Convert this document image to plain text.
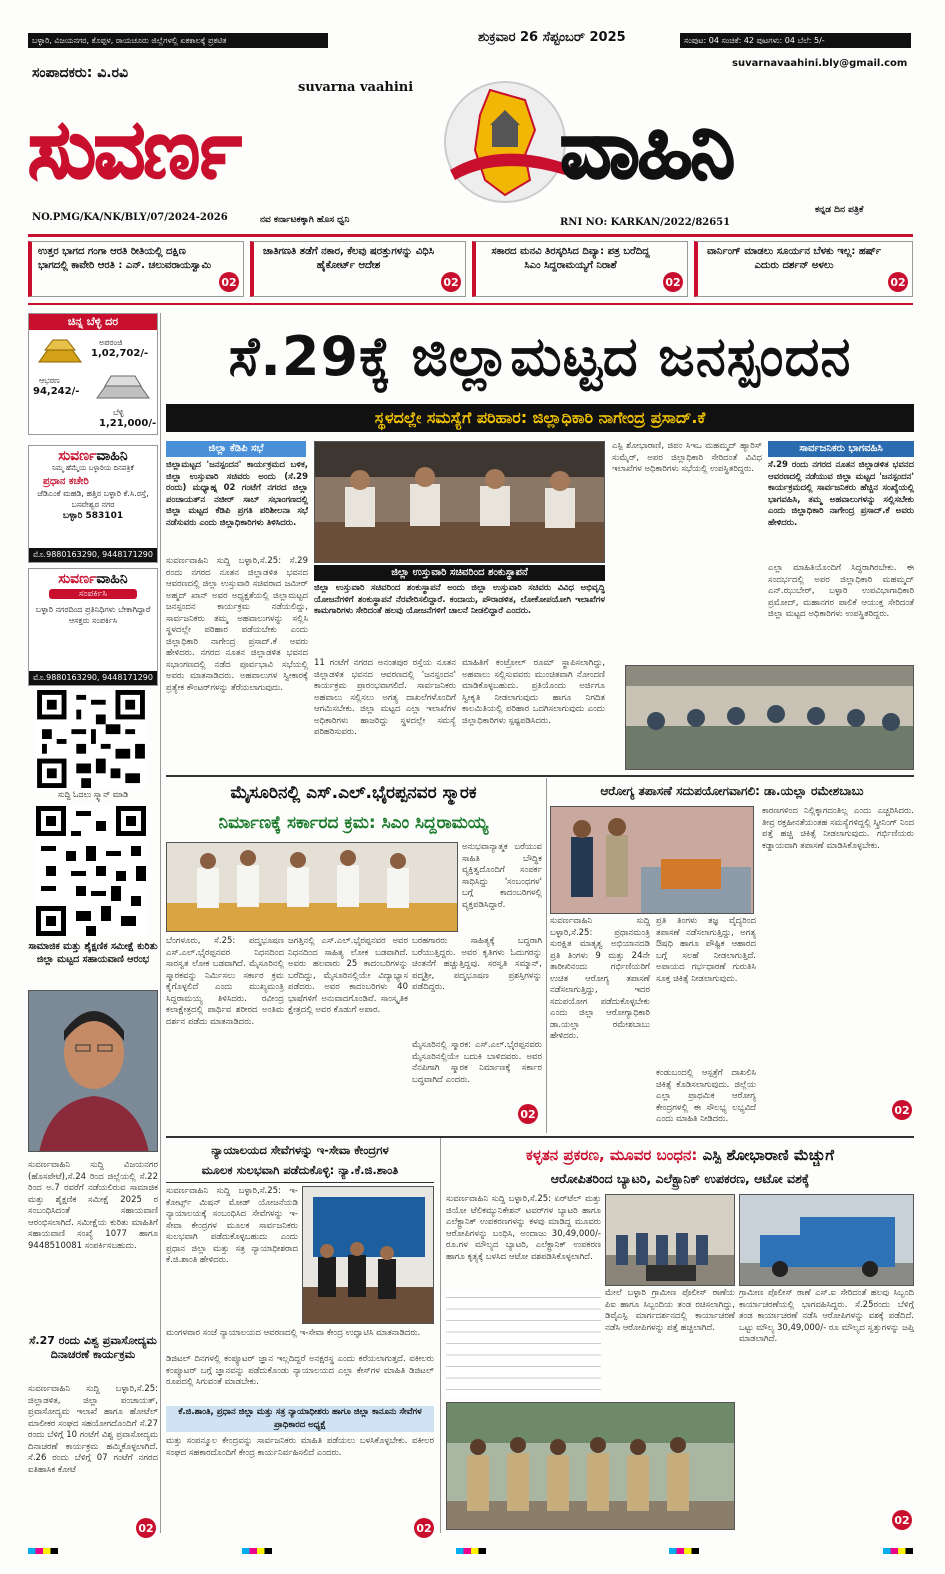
ಬಳ್ಳಾರಿ, ವಿಜಯನಗರ, ಕೊಪ್ಪಳ, ರಾಯಚೂರು ಜಿಲ್ಲೆಗಳಲ್ಲಿ ಏಕಕಾಲಕ್ಕೆ ಪ್ರಕಟಿತ	ಶುಕ್ರವಾರ 26 ಸೆಪ್ಟಂಬರ್ 2025	ಸಂಪುಟ: 04 ಸಂಚಿಕೆ: 42 ಪುಟಗಳು: 04 ಬೆಲೆ: 5/-
ಸಂಪಾದಕರು: ವಿ.ರವಿ
suvarnavaahini.bly@gmail.com
suvarna vaahini
ಸುವರ್ಣ	ವಾಹಿನಿ
NO.PMG/KA/NK/BLY/07/2024-2026	ನವ ಕರ್ನಾಟಕಕ್ಕಾಗಿ ಹೊಸ ಧ್ವನಿ	RNI NO: KARKAN/2022/82651
ಕನ್ನಡ ದಿನ ಪತ್ರಿಕೆ
ಉತ್ತರ ಭಾಗದ ಗಂಗಾ ಆರತಿ ರೀತಿಯಲ್ಲಿ ದಕ್ಷಿಣ ಭಾಗದಲ್ಲಿ ಕಾವೇರಿ ಆರತಿ : ಎನ್. ಚಲುವರಾಯಸ್ವಾಮಿ
02
ಜಾತಿಗಣತಿ ತಡೆಗೆ ನಕಾರ, ಕೆಲವು ಷರತ್ತುಗಳನ್ನು ವಿಧಿಸಿ ಹೈಕೋರ್ಟ್ ಆದೇಶ
02
ಸಕಾರದ ಮನವಿ ತಿರಸ್ಕರಿಸಿದ ದಿವ್ಯಾ: ಪತ್ರ ಬರೆದಿದ್ದ ಸಿಎಂ ಸಿದ್ದರಾಮಯ್ಯಗೆ ನಿರಾಶೆ
02
ವಾರ್ನಿಂಗ್ ಮಾಡಲು ಸೂರ್ಯನ ಬೆಳಕು ಇಲ್ಲ: ಹರ್ಷ್ ಎದುರು ದರ್ಶನ್ ಅಳಲು
02
ಚಿನ್ನ ಬೆಳ್ಳಿ ದರ
ಅಪರಂಜಿ
1,02,702/-
ಆಭರಣ
94,242/-
ಬೆಳ್ಳಿ
1,21,000/-
ಸುವರ್ಣವಾಹಿನಿ
ನಿಮ್ಮ ಹೆಮ್ಮೆಯ ಬಳ್ಳಾರಿಯ ದಿನಪತ್ರಿಕೆ
ಪ್ರಧಾನ ಕಚೇರಿ
ಜೆಡಿಎಂಕೆ ಮಹಡಿ, ಹತ್ತಿರ ಬಳ್ಳಾರಿ ಕೆ.ಸಿ.ರಸ್ತೆ, ಬಸವೇಶ್ವರ ನಗರ
ಬಳ್ಳಾರಿ 583101
ಮೊ.9880163290, 9448171290
ಸುವರ್ಣವಾಹಿನಿ
ಸಂಪರ್ಕಿಸಿ
ಬಳ್ಳಾರಿ ನಗರದಿಂದ ಪ್ರತಿನಿಧಿಗಳು ಬೇಕಾಗಿದ್ದಾರೆ ಆಸಕ್ತರು ಸಂಪರ್ಕಿಸಿ
ಮೊ.9880163290, 9448171290
ಸುದ್ದಿ ಓದಲು ಸ್ಕ್ಯಾನ್ ಮಾಡಿ
ಸಾಮಾಜಿಕ ಮತ್ತು ಶೈಕ್ಷಣಿಕ ಸಮೀಕ್ಷೆ ಕುರಿತು ಜಿಲ್ಲಾ ಮಟ್ಟದ ಸಹಾಯವಾಣಿ ಆರಂಭ
ಸುವರ್ಣವಾಹಿನಿ ಸುದ್ದಿ ವಿಜಯನಗರ (ಹೊಸಪೇಟೆ),ಸೆ.24 ರಿಂದ ಜಿಲ್ಲೆಯಲ್ಲಿ ಸೆ.22 ರಿಂದ ಅ.7 ರವರೆಗೆ ನಡೆಯಲಿರುವ ಸಾಮಾಜಿಕ ಮತ್ತು ಶೈಕ್ಷಣಿಕ ಸಮೀಕ್ಷೆ 2025 ರ ಸಂಬಂಧಿಸಿದಂತೆ ಸಹಾಯವಾಣಿ ಆರಂಭಿಸಲಾಗಿದೆ. ಸಮೀಕ್ಷೆಯ ಕುರಿತು ಮಾಹಿತಿಗೆ ಸಹಾಯವಾಣಿ ಸಂಖ್ಯೆ 1077 ಹಾಗೂ 9448510081 ಸಂಪರ್ಕಿಸಬಹುದು.
ಸೆ.27 ರಂದು ವಿಶ್ವ ಪ್ರವಾಸೋದ್ಯಮ ದಿನಾಚರಣೆ ಕಾರ್ಯಕ್ರಮ
ಸುವರ್ಣವಾಹಿನಿ ಸುದ್ದಿ ಬಳ್ಳಾರಿ,ಸೆ.25: ಜಿಲ್ಲಾಡಳಿತ, ಜಿಲ್ಲಾ ಪಂಚಾಯತ್, ಪ್ರವಾಸೋದ್ಯಮ ಇಲಾಖೆ ಹಾಗೂ ಹೋಟೆಲ್ ಮಾಲೀಕರ ಸಂಘದ ಸಹಯೋಗದೊಂದಿಗೆ ಸೆ.27 ರಂದು ಬೆಳಿಗ್ಗೆ 10 ಗಂಟೆಗೆ ವಿಶ್ವ ಪ್ರವಾಸೋದ್ಯಮ ದಿನಾಚರಣೆ ಕಾರ್ಯಕ್ರಮ ಹಮ್ಮಿಕೊಳ್ಳಲಾಗಿದೆ. ಸೆ.26 ರಂದು ಬೆಳಿಗ್ಗೆ 07 ಗಂಟೆಗೆ ನಗರದ ಐತಿಹಾಸಿಕ ಕೋಟೆ
02
ಸೆ.29ಕ್ಕೆ ಜಿಲ್ಲಾಮಟ್ಟದ ಜನಸ್ಪಂದನ
ಸ್ಥಳದಲ್ಲೇ ಸಮಸ್ಯೆಗೆ ಪರಿಹಾರ: ಜಿಲ್ಲಾಧಿಕಾರಿ ನಾಗೇಂದ್ರ ಪ್ರಸಾದ್.ಕೆ
ಜಿಲ್ಲಾ ಕೆಡಿಪಿ ಸಭೆ
ಜಿಲ್ಲಾಮಟ್ಟದ 'ಜನಸ್ಪಂದನ' ಕಾರ್ಯಕ್ರಮದ ಬಳಿಕ, ಜಿಲ್ಲಾ ಉಸ್ತುವಾರಿ ಸಚಿವರು ಅಂದು (ಸೆ.29 ರಂದು) ಮಧ್ಯಾಹ್ನ 02 ಗಂಟೆಗೆ ನಗರದ ಜಿಲ್ಲಾ ಪಂಚಾಯತ್‌ನ ನಜೀರ್ ಸಾಬ್ ಸಭಾಂಗಣದಲ್ಲಿ ಜಿಲ್ಲಾ ಮಟ್ಟದ ಕೆಡಿಪಿ ಪ್ರಗತಿ ಪರಿಶೀಲನಾ ಸಭೆ ನಡೆಸುವರು ಎಂದು ಜಿಲ್ಲಾಧಿಕಾರಿಗಳು ತಿಳಿಸಿದರು.
ಸುವರ್ಣವಾಹಿನಿ ಸುದ್ದಿ ಬಳ್ಳಾರಿ,ಸೆ.25: ಸೆ.29 ರಂದು ನಗರದ ನೂತನ ಜಿಲ್ಲಾಡಳಿತ ಭವನದ ಆವರಣದಲ್ಲಿ ಜಿಲ್ಲಾ ಉಸ್ತುವಾರಿ ಸಚಿವರಾದ ಜಮೀರ್ ಅಹ್ಮದ್ ಖಾನ್ ಅವರ ಅಧ್ಯಕ್ಷತೆಯಲ್ಲಿ ಜಿಲ್ಲಾಮಟ್ಟದ ಜನಸ್ಪಂದನ ಕಾರ್ಯಕ್ರಮ ನಡೆಯಲಿದ್ದು, ಸಾರ್ವಜನಿಕರು ತಮ್ಮ ಅಹವಾಲುಗಳನ್ನು ಸಲ್ಲಿಸಿ ಸ್ಥಳದಲ್ಲೇ ಪರಿಹಾರ ಪಡೆಯಬೇಕು ಎಂದು ಜಿಲ್ಲಾಧಿಕಾರಿ ನಾಗೇಂದ್ರ ಪ್ರಸಾದ್.ಕೆ ಅವರು ಹೇಳಿದರು. ನಗರದ ನೂತನ ಜಿಲ್ಲಾಡಳಿತ ಭವನದ ಸಭಾಂಗಣದಲ್ಲಿ ನಡೆದ ಪೂರ್ವಭಾವಿ ಸಭೆಯಲ್ಲಿ ಅವರು ಮಾತನಾಡಿದರು. ಅಹವಾಲುಗಳ ಸ್ವೀಕಾರಕ್ಕೆ ಪ್ರತ್ಯೇಕ ಕೌಂಟರ್‌ಗಳನ್ನು ತೆರೆಯಲಾಗುವುದು.
ಜಿಲ್ಲಾ ಉಸ್ತುವಾರಿ ಸಚಿವರಿಂದ ಶಂಕುಸ್ಥಾಪನೆ
ಜಿಲ್ಲಾ ಉಸ್ತುವಾರಿ ಸಚಿವರಿಂದ ಶಂಕುಸ್ಥಾಪನೆ ಅಂದು ಜಿಲ್ಲಾ ಉಸ್ತುವಾರಿ ಸಚಿವರು ವಿವಿಧ ಅಭಿವೃದ್ಧಿ ಯೋಜನೆಗಳಿಗೆ ಶಂಕುಸ್ಥಾಪನೆ ನೆರವೇರಿಸಲಿದ್ದಾರೆ. ಕಂದಾಯ, ಪೌರಾಡಳಿತ, ಲೋಕೋಪಯೋಗಿ ಇಲಾಖೆಗಳ ಕಾಮಗಾರಿಗಳು ಸೇರಿದಂತೆ ಹಲವು ಯೋಜನೆಗಳಿಗೆ ಚಾಲನೆ ನೀಡಲಿದ್ದಾರೆ ಎಂದರು.
11 ಗಂಟೆಗೆ ನಗರದ ಅನಂತಪುರ ರಸ್ತೆಯ ನೂತನ ಜಿಲ್ಲಾಡಳಿತ ಭವನದ ಆವರಣದಲ್ಲಿ 'ಜನಸ್ಪಂದನ' ಕಾರ್ಯಕ್ರಮ ಪ್ರಾರಂಭವಾಗಲಿದೆ. ಸಾರ್ವಜನಿಕರು ಅಹವಾಲು ಸಲ್ಲಿಸಲು ಅಗತ್ಯ ದಾಖಲೆಗಳೊಂದಿಗೆ ಆಗಮಿಸಬೇಕು. ಜಿಲ್ಲಾ ಮಟ್ಟದ ಎಲ್ಲಾ ಇಲಾಖೆಗಳ ಅಧಿಕಾರಿಗಳು ಹಾಜರಿದ್ದು ಸ್ಥಳದಲ್ಲೇ ಸಮಸ್ಯೆ ಪರಿಹರಿಸುವರು.
ಮಾಹಿತಿಗೆ ಕಂಟ್ರೋಲ್ ರೂಮ್ ಸ್ಥಾಪಿಸಲಾಗಿದ್ದು, ಅಹವಾಲು ಸಲ್ಲಿಸುವವರು ಮುಂಚಿತವಾಗಿ ನೋಂದಣಿ ಮಾಡಿಕೊಳ್ಳಬಹುದು. ಪ್ರತಿಯೊಂದು ಅರ್ಜಿಗೂ ಸ್ವೀಕೃತಿ ನೀಡಲಾಗುವುದು ಹಾಗೂ ನಿಗದಿತ ಕಾಲಮಿತಿಯಲ್ಲಿ ಪರಿಹಾರ ಒದಗಿಸಲಾಗುವುದು ಎಂದು ಜಿಲ್ಲಾಧಿಕಾರಿಗಳು ಸ್ಪಷ್ಟಪಡಿಸಿದರು.
ಎಸ್ಪಿ ಶೋಭಾರಾಣಿ, ಜಿಪಂ ಸಿಇಒ ಮಹಮ್ಮದ್ ಹ್ಯಾರಿಸ್ ಸುಮೈರ್, ಅಪರ ಜಿಲ್ಲಾಧಿಕಾರಿ ಸೇರಿದಂತೆ ವಿವಿಧ ಇಲಾಖೆಗಳ ಅಧಿಕಾರಿಗಳು ಸಭೆಯಲ್ಲಿ ಉಪಸ್ಥಿತರಿದ್ದರು.
ಸಾರ್ವಜನಿಕರು ಭಾಗವಹಿಸಿ
ಸೆ.29 ರಂದು ನಗರದ ನೂತನ ಜಿಲ್ಲಾಡಳಿತ ಭವನದ ಆವರಣದಲ್ಲಿ ನಡೆಯುವ ಜಿಲ್ಲಾ ಮಟ್ಟದ 'ಜನಸ್ಪಂದನ' ಕಾರ್ಯಕ್ರಮದಲ್ಲಿ ಸಾರ್ವಜನಿಕರು ಹೆಚ್ಚಿನ ಸಂಖ್ಯೆಯಲ್ಲಿ ಭಾಗವಹಿಸಿ, ತಮ್ಮ ಅಹವಾಲುಗಳನ್ನು ಸಲ್ಲಿಸಬೇಕು ಎಂದು ಜಿಲ್ಲಾಧಿಕಾರಿ ನಾಗೇಂದ್ರ ಪ್ರಸಾದ್.ಕೆ ಅವರು ಹೇಳಿದರು.
ಎಲ್ಲಾ ಮಾಹಿತಿಯೊಂದಿಗೆ ಸಿದ್ಧರಾಗಿರಬೇಕು. ಈ ಸಂದರ್ಭದಲ್ಲಿ ಅಪರ ಜಿಲ್ಲಾಧಿಕಾರಿ ಮಹಮ್ಮದ್ ಎನ್.ಝುಬೇರ್, ಬಳ್ಳಾರಿ ಉಪವಿಭಾಗಾಧಿಕಾರಿ ಪ್ರಮೋದ್, ಮಹಾನಗರ ಪಾಲಿಕೆ ಆಯುಕ್ತ ಸೇರಿದಂತೆ ಜಿಲ್ಲಾ ಮಟ್ಟದ ಅಧಿಕಾರಿಗಳು ಉಪಸ್ಥಿತರಿದ್ದರು.
ಮೈಸೂರಿನಲ್ಲಿ ಎಸ್.ಎಲ್.ಭೈರಪ್ಪನವರ ಸ್ಮಾರಕ
ನಿರ್ಮಾಣಕ್ಕೆ ಸರ್ಕಾರದ ಕ್ರಮ: ಸಿಎಂ ಸಿದ್ದರಾಮಯ್ಯ
ಅನುಭವಾನ್ಯಾತ್ಮಕ ಬರೆಯುವ ಸಾಹಿತಿ ಬೌದ್ಧಿಕ ವ್ಯಕ್ತಿತ್ವದೊಂದಿಗೆ ಸಂಪರ್ಕ ಸಾಧಿಸಿದ್ದು 'ಸಂಬಂಧಗಳ' ಬಗ್ಗೆ ಕಾದಂಬರಿಗಳಲ್ಲಿ ವ್ಯಕ್ತಪಡಿಸಿದ್ದಾರೆ.
ಬೆಂಗಳೂರು, ಸೆ.25: ಪದ್ಮಭೂಷಣ ಎಸ್.ಎಲ್.ಭೈರಪ್ಪನವರ ನಿಧನದಿಂದ ಸಾರಸ್ವತ ಲೋಕ ಬಡವಾಗಿದೆ. ಮೈಸೂರಿನಲ್ಲಿ ಸ್ಮಾರಕವನ್ನು ನಿರ್ಮಿಸಲು ಸರ್ಕಾರ ಕ್ರಮ ಕೈಗೊಳ್ಳಲಿದೆ ಎಂದು ಮುಖ್ಯಮಂತ್ರಿ ಸಿದ್ದರಾಮಯ್ಯ ತಿಳಿಸಿದರು. ರವೀಂದ್ರ ಕಲಾಕ್ಷೇತ್ರದಲ್ಲಿ ಪಾರ್ಥಿವ ಶರೀರದ ಅಂತಿಮ ದರ್ಶನ ಪಡೆದು ಮಾತನಾಡಿದರು.
ಜಗತ್ತಿನಲ್ಲಿ ಎಸ್.ಎಲ್.ಭೈರಪ್ಪನವರ ಅವರ ನಿಧನದಿಂದ ಸಾಹಿತ್ಯ ಲೋಕ ಬಡವಾಗಿದೆ. ಅವರು ಹಲವಾರು 25 ಕಾದಂಬರಿಗಳನ್ನು ಬರೆದಿದ್ದು, ಮೈಸೂರಿನಲ್ಲಿಯೇ ವಿದ್ಯಾಭ್ಯಾಸ ಪಡೆದರು. ಅವರ ಕಾದಂಬರಿಗಳು 40 ಭಾಷೆಗಳಿಗೆ ಅನುವಾದಗೊಂಡಿವೆ. ಸಾಂಸ್ಕೃತಿಕ ಕ್ಷೇತ್ರದಲ್ಲಿ ಅವರ ಕೊಡುಗೆ ಅಪಾರ.
ಬರಹಗಾರರು ಸಾಹಿತ್ಯಕ್ಕೆ ಬದ್ಧರಾಗಿ ಬರೆಯುತ್ತಿದ್ದರು. ಅವರ ಕೃತಿಗಳು ಓದುಗರನ್ನು ಚಿಂತನೆಗೆ ಹಚ್ಚುತ್ತಿದ್ದವು. ಸರಸ್ವತಿ ಸಮ್ಮಾನ್, ಪದ್ಮಶ್ರೀ, ಪದ್ಮಭೂಷಣ ಪ್ರಶಸ್ತಿಗಳನ್ನು ಪಡೆದಿದ್ದರು.
ಮೈಸೂರಿನಲ್ಲಿ ಸ್ಮಾರಕ: ಎಸ್.ಎಲ್.ಭೈರಪ್ಪನವರು ಮೈಸೂರಿನಲ್ಲಿಯೇ ಬದುಕಿ ಬಾಳಿದವರು. ಅವರ ನೆನಪಿಗಾಗಿ ಸ್ಮಾರಕ ನಿರ್ಮಾಣಕ್ಕೆ ಸರ್ಕಾರ ಬದ್ಧವಾಗಿದೆ ಎಂದರು.
02
ಆರೋಗ್ಯ ತಪಾಸಣೆ ಸದುಪಯೋಗವಾಗಲಿ: ಡಾ.ಯಲ್ಲಾ ರಮೇಶಬಾಬು
ಕಾರಣಗಳಿಂದ ನಿಲ್ಲಿಕ್ಕಾಗದಂತಿಲ್ಲ ಎಂದು ಎಚ್ಚರಿಸಿದರು. ತೀವ್ರ ರಕ್ತಹೀನತೆಯಂತಹ ಸಮಸ್ಯೆಗಳಿದ್ದಲ್ಲಿ ಸ್ಕ್ರೀನಿಂಗ್ ನಿಂದ ಪತ್ತೆ ಹಚ್ಚಿ ಚಿಕಿತ್ಸೆ ನೀಡಲಾಗುವುದು. ಗರ್ಭಿಣಿಯರು ಕಡ್ಡಾಯವಾಗಿ ತಪಾಸಣೆ ಮಾಡಿಸಿಕೊಳ್ಳಬೇಕು.
ಸುವರ್ಣವಾಹಿನಿ ಸುದ್ದಿ ಬಳ್ಳಾರಿ,ಸೆ.25: ಪ್ರಧಾನಮಂತ್ರಿ ಸುರಕ್ಷಿತ ಮಾತೃತ್ವ ಅಭಿಯಾನದಡಿ ಪ್ರತಿ ತಿಂಗಳು 9 ಮತ್ತು 24ನೇ ತಾರೀಖಿನಂದು ಗರ್ಭಿಣಿಯರಿಗೆ ಉಚಿತ ಆರೋಗ್ಯ ತಪಾಸಣೆ ನಡೆಸಲಾಗುತ್ತಿದ್ದು, ಇದರ ಸದುಪಯೋಗ ಪಡೆದುಕೊಳ್ಳಬೇಕು ಎಂದು ಜಿಲ್ಲಾ ಆರೋಗ್ಯಾಧಿಕಾರಿ ಡಾ.ಯಲ್ಲಾ ರಮೇಶಬಾಬು ಹೇಳಿದರು.
ಪ್ರತಿ ತಿಂಗಳು ತಜ್ಞ ವೈದ್ಯರಿಂದ ತಪಾಸಣೆ ನಡೆಸಲಾಗುತ್ತಿದ್ದು, ಅಗತ್ಯ ಔಷಧಿ ಹಾಗೂ ಪೌಷ್ಟಿಕ ಆಹಾರದ ಬಗ್ಗೆ ಸಲಹೆ ನೀಡಲಾಗುತ್ತಿದೆ. ಅಪಾಯದ ಗರ್ಭಧಾರಣೆ ಗುರುತಿಸಿ ಸೂಕ್ತ ಚಿಕಿತ್ಸೆ ನೀಡಲಾಗುವುದು.
ಕಂಡುಬಂದಲ್ಲಿ ಆಸ್ಪತ್ರೆಗೆ ದಾಖಲಿಸಿ ಚಿಕಿತ್ಸೆ ಕೊಡಿಸಲಾಗುವುದು. ಜಿಲ್ಲೆಯ ಎಲ್ಲಾ ಪ್ರಾಥಮಿಕ ಆರೋಗ್ಯ ಕೇಂದ್ರಗಳಲ್ಲಿ ಈ ಸೌಲಭ್ಯ ಲಭ್ಯವಿದೆ ಎಂದು ಮಾಹಿತಿ ನೀಡಿದರು.
02
ನ್ಯಾಯಾಲಯದ ಸೇವೆಗಳನ್ನು ಇ-ಸೇವಾ ಕೇಂದ್ರಗಳ
ಮೂಲಕ ಸುಲಭವಾಗಿ ಪಡೆದುಕೊಳ್ಳಿ: ನ್ಯಾ.ಕೆ.ಜಿ.ಶಾಂತಿ
ಸುವರ್ಣವಾಹಿನಿ ಸುದ್ದಿ ಬಳ್ಳಾರಿ,ಸೆ.25: ಇ-ಕೋರ್ಟ್ಸ್ ಮಿಷನ್ ಮೋಡ್ ಯೋಜನೆಯಡಿ ನ್ಯಾಯಾಲಯಕ್ಕೆ ಸಂಬಂಧಿಸಿದ ಸೇವೆಗಳನ್ನು ಇ-ಸೇವಾ ಕೇಂದ್ರಗಳ ಮೂಲಕ ಸಾರ್ವಜನಿಕರು ಸುಲಭವಾಗಿ ಪಡೆದುಕೊಳ್ಳಬಹುದು ಎಂದು ಪ್ರಧಾನ ಜಿಲ್ಲಾ ಮತ್ತು ಸತ್ರ ನ್ಯಾಯಾಧೀಶರಾದ ಕೆ.ಜಿ.ಶಾಂತಿ ಹೇಳಿದರು.
ಮಂಗಳವಾರ ಸಂಜೆ ನ್ಯಾಯಾಲಯದ ಆವರಣದಲ್ಲಿ ಇ-ಸೇವಾ ಕೇಂದ್ರ ಉದ್ಘಾಟಿಸಿ ಮಾತನಾಡಿದರು.
ಡಿಜಿಟಲ್ ದಿನಗಳಲ್ಲಿ ಕಂಪ್ಯೂಟರ್ ಜ್ಞಾನ ಇಲ್ಲದಿದ್ದರೆ ಅನಕ್ಷರಸ್ಥ ಎಂದು ಕರೆಯಲಾಗುತ್ತದೆ. ವಕೀಲರು ಕಂಪ್ಯೂಟರ್ ಬಗ್ಗೆ ಜ್ಞಾನವನ್ನು ಪಡೆದುಕೊಂಡು ನ್ಯಾಯಾಲಯದ ಎಲ್ಲಾ ಕೇಸ್‌ಗಳ ಮಾಹಿತಿ ಡಿಜಿಟಲ್ ರೂಪದಲ್ಲಿ ಸಿಗುವಂತೆ ಮಾಡಬೇಕು.
ಕೆ.ಜಿ.ಶಾಂತಿ, ಪ್ರಧಾನ ಜಿಲ್ಲಾ ಮತ್ತು ಸತ್ರ ನ್ಯಾಯಾಧೀಶರು ಹಾಗೂ ಜಿಲ್ಲಾ ಕಾನೂನು ಸೇವೆಗಳ ಪ್ರಾಧಿಕಾರದ ಅಧ್ಯಕ್ಷೆ
ಮತ್ತು ಸಂಪನ್ಮೂಲ ಕೇಂದ್ರವನ್ನು ಸಾರ್ವಜನಿಕರು ಮಾಹಿತಿ ಪಡೆಯಲು ಬಳಸಿಕೊಳ್ಳಬೇಕು. ವಕೀಲರ ಸಂಘದ ಸಹಕಾರದೊಂದಿಗೆ ಕೇಂದ್ರ ಕಾರ್ಯನಿರ್ವಹಿಸಲಿದೆ ಎಂದರು.
02
ಕಳ್ಳತನ ಪ್ರಕರಣ, ಮೂವರ ಬಂಧನ: ಎಸ್ಪಿ ಶೋಭಾರಾಣಿ ಮೆಚ್ಚುಗೆ
ಆರೋಪಿತರಿಂದ ಬ್ಯಾಟರಿ, ಎಲೆಕ್ಟ್ರಾನಿಕ್ ಉಪಕರಣ, ಆಟೋ ವಶಕ್ಕೆ
ಸುವರ್ಣವಾಹಿನಿ ಸುದ್ದಿ ಬಳ್ಳಾರಿ,ಸೆ.25: ಏರ್‌ಟೆಲ್ ಮತ್ತು ಜಿಯೋ ಟೆಲಿಕಮ್ಯುನಿಕೇಶನ್ ಟವರ್‌ಗಳ ಬ್ಯಾಟರಿ ಹಾಗೂ ಎಲೆಕ್ಟ್ರಾನಿಕ್ ಉಪಕರಣಗಳನ್ನು ಕಳವು ಮಾಡಿದ್ದ ಮೂವರು ಆರೋಪಿಗಳನ್ನು ಬಂಧಿಸಿ, ಅಂದಾಜು 30,49,000/- ರೂ.ಗಳ ಮೌಲ್ಯದ ಬ್ಯಾಟರಿ, ಎಲೆಕ್ಟ್ರಾನಿಕ್ ಉಪಕರಣ ಹಾಗೂ ಕೃತ್ಯಕ್ಕೆ ಬಳಸಿದ ಆಟೋ ವಶಪಡಿಸಿಕೊಳ್ಳಲಾಗಿದೆ.
ಮೇಲೆ ಬಳ್ಳಾರಿ ಗ್ರಾಮೀಣ ಪೊಲೀಸ್ ಠಾಣೆಯ ಪಿಐ ಹಾಗೂ ಸಿಬ್ಬಂದಿಯ ತಂಡ ರಚಿಸಲಾಗಿದ್ದು, ಡಿವೈಎಸ್ಪಿ ಮಾರ್ಗದರ್ಶನದಲ್ಲಿ ಕಾರ್ಯಾಚರಣೆ ನಡೆಸಿ ಆರೋಪಿಗಳನ್ನು ಪತ್ತೆ ಹಚ್ಚಲಾಗಿದೆ.
ಗ್ರಾಮೀಣ ಪೊಲೀಸ್ ಠಾಣೆ ಎಸ್.ಐ ಸೇರಿದಂತೆ ಹಲವು ಸಿಬ್ಬಂದಿ ಕಾರ್ಯಾಚರಣೆಯಲ್ಲಿ ಭಾಗವಹಿಸಿದ್ದರು. ಸೆ.25ರಂದು ಬೆಳಿಗ್ಗೆ ತಂಡ ಕಾರ್ಯಾಚರಣೆ ನಡೆಸಿ ಆರೋಪಿಗಳನ್ನು ವಶಕ್ಕೆ ಪಡೆದಿದೆ. ಒಟ್ಟು ಮೌಲ್ಯ 30,49,000/- ರೂ ಮೌಲ್ಯದ ಸ್ವತ್ತುಗಳನ್ನು ಜಪ್ತಿ ಮಾಡಲಾಗಿದೆ.
02
